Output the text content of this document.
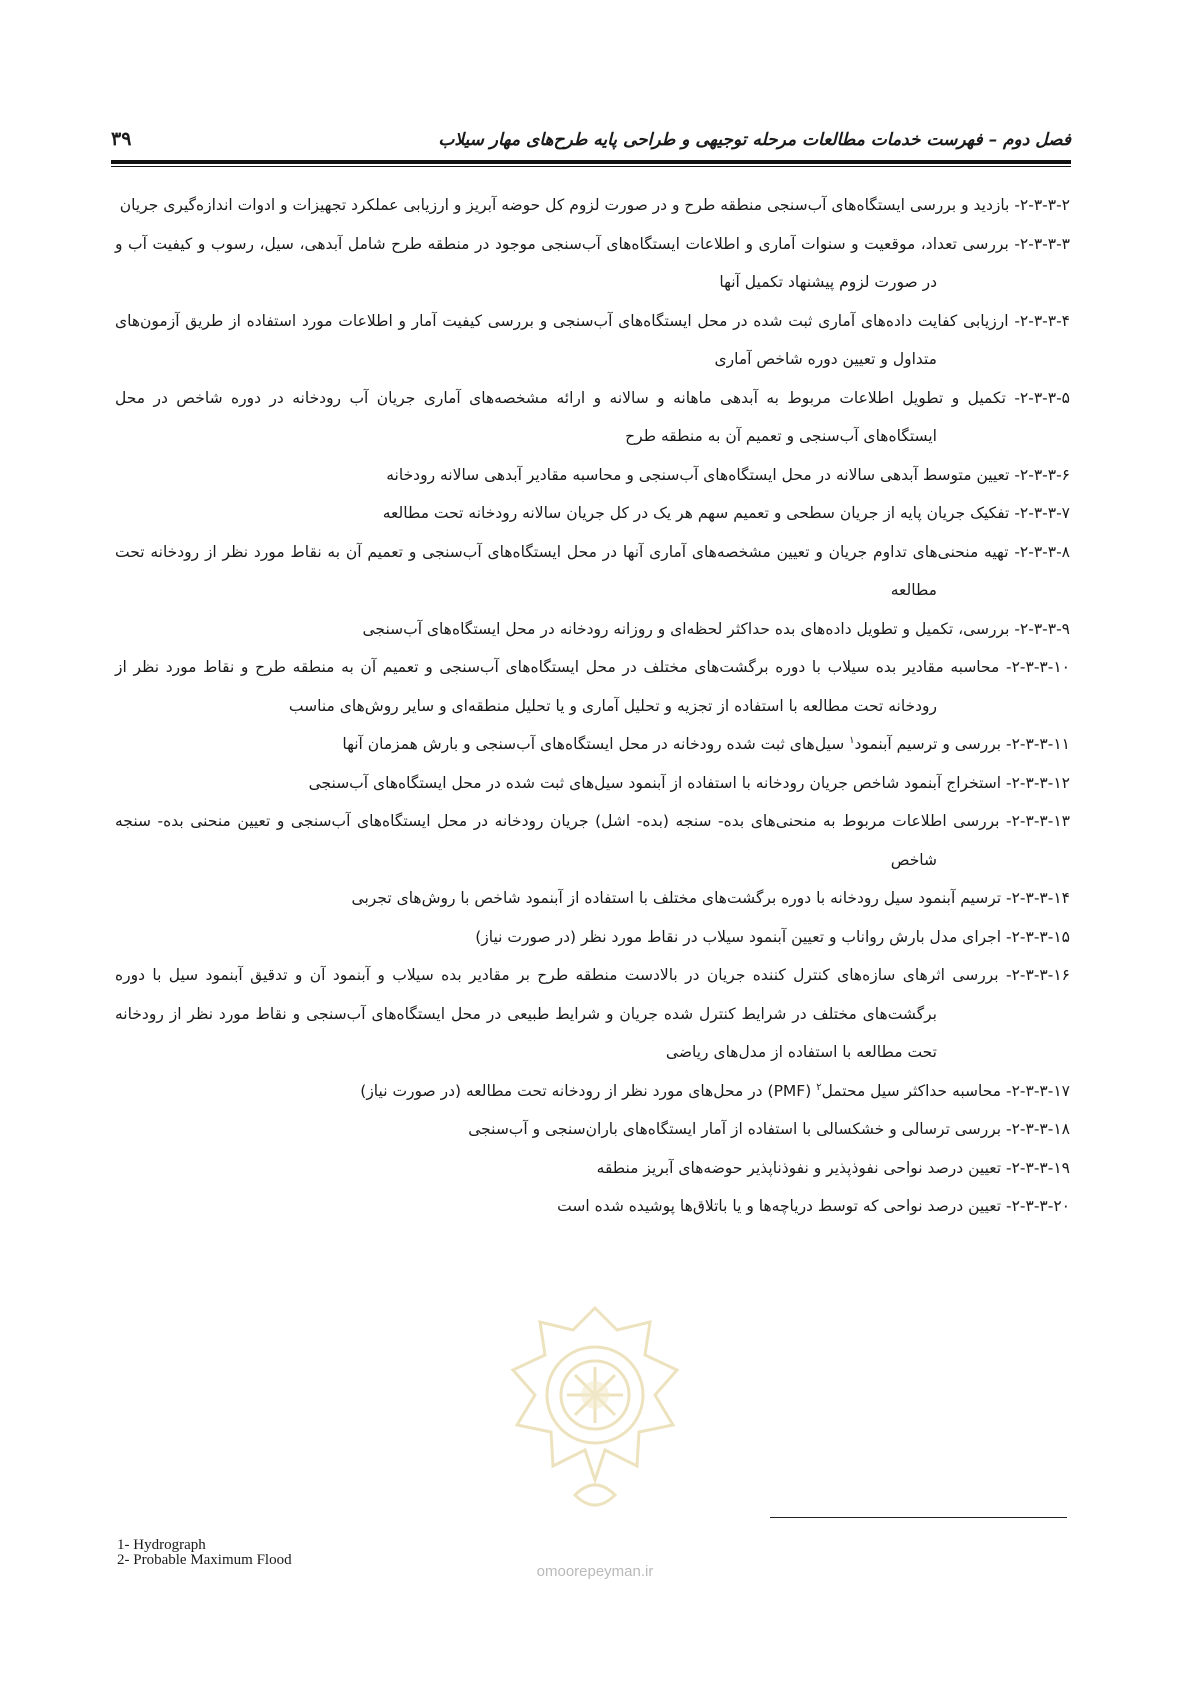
فصل دوم – فهرست خدمات مطالعات مرحله توجیهی و طراحی پایه طرح‌های مهار سیلاب
۳۹

۲-۳-۳-۲- بازدید و بررسی ایستگاه‌های آب‌سنجی منطقه طرح و در صورت لزوم کل حوضه آبریز و ارزیابی عملکرد تجهیزات و ادوات اندازه‌گیری جریان

۲-۳-۳-۳- بررسی تعداد، موقعیت و سنوات آماری و اطلاعات ایستگاه‌های آب‌سنجی موجود در منطقه طرح شامل آبدهی، سیل، رسوب و کیفیت آب و در صورت لزوم پیشنهاد تکمیل آنها

۲-۳-۳-۴- ارزیابی کفایت داده‌های آماری ثبت شده در محل ایستگاه‌های آب‌سنجی و بررسی کیفیت آمار و اطلاعات مورد استفاده از طریق آزمون‌های متداول و تعیین دوره شاخص آماری

۲-۳-۳-۵- تکمیل و تطویل اطلاعات مربوط به آبدهی ماهانه و سالانه و ارائه مشخصه‌های آماری جریان آب رودخانه در دوره شاخص در محل ایستگاه‌های آب‌سنجی و تعمیم آن به منطقه طرح

۲-۳-۳-۶- تعیین متوسط آبدهی سالانه در محل ایستگاه‌های آب‌سنجی و محاسبه مقادیر آبدهی سالانه رودخانه

۲-۳-۳-۷- تفکیک جریان پایه از جریان سطحی و تعمیم سهم هر یک در کل جریان سالانه رودخانه تحت مطالعه

۲-۳-۳-۸- تهیه منحنی‌های تداوم جریان و تعیین مشخصه‌های آماری آنها در محل ایستگاه‌های آب‌سنجی و تعمیم آن به نقاط مورد نظر از رودخانه تحت مطالعه

۲-۳-۳-۹- بررسی، تکمیل و تطویل داده‌های بده حداکثر لحظه‌ای و روزانه رودخانه در محل ایستگاه‌های آب‌سنجی

۲-۳-۳-۱۰- محاسبه مقادیر بده سیلاب با دوره برگشت‌های مختلف در محل ایستگاه‌های آب‌سنجی و تعمیم آن به منطقه طرح و نقاط مورد نظر از رودخانه تحت مطالعه با استفاده از تجزیه و تحلیل آماری و یا تحلیل منطقه‌ای و سایر روش‌های مناسب

۲-۳-۳-۱۱- بررسی و ترسیم آبنمود$^۱$ سیل‌های ثبت شده رودخانه در محل ایستگاه‌های آب‌سنجی و بارش همزمان آنها

۲-۳-۳-۱۲- استخراج آبنمود شاخص جریان رودخانه با استفاده از آبنمود سیل‌های ثبت شده در محل ایستگاه‌های آب‌سنجی

۲-۳-۳-۱۳- بررسی اطلاعات مربوط به منحنی‌های بده- سنجه (بده- اشل) جریان رودخانه در محل ایستگاه‌های آب‌سنجی و تعیین منحنی بده- سنجه شاخص

۲-۳-۳-۱۴- ترسیم آبنمود سیل رودخانه با دوره برگشت‌های مختلف با استفاده از آبنمود شاخص با روش‌های تجربی

۲-۳-۳-۱۵- اجرای مدل بارش رواناب و تعیین آبنمود سیلاب در نقاط مورد نظر (در صورت نیاز)

۲-۳-۳-۱۶- بررسی اثرهای سازه‌های کنترل کننده جریان در بالادست منطقه طرح بر مقادیر بده سیلاب و آبنمود آن و تدقیق آبنمود سیل با دوره برگشت‌های مختلف در شرایط کنترل شده جریان و شرایط طبیعی در محل ایستگاه‌های آب‌سنجی و نقاط مورد نظر از رودخانه تحت مطالعه با استفاده از مدل‌های ریاضی

۲-۳-۳-۱۷- محاسبه حداکثر سیل محتمل$^۲$ (PMF) در محل‌های مورد نظر از رودخانه تحت مطالعه (در صورت نیاز)

۲-۳-۳-۱۸- بررسی ترسالی و خشکسالی با استفاده از آمار ایستگاه‌های باران‌سنجی و آب‌سنجی

۲-۳-۳-۱۹- تعیین درصد نواحی نفوذپذیر و نفوذناپذیر حوضه‌های آبریز منطقه

۲-۳-۳-۲۰- تعیین درصد نواحی که توسط دریاچه‌ها و یا باتلاق‌ها پوشیده شده است

omoorepeyman.ir
1- Hydrograph
2- Probable Maximum Flood
